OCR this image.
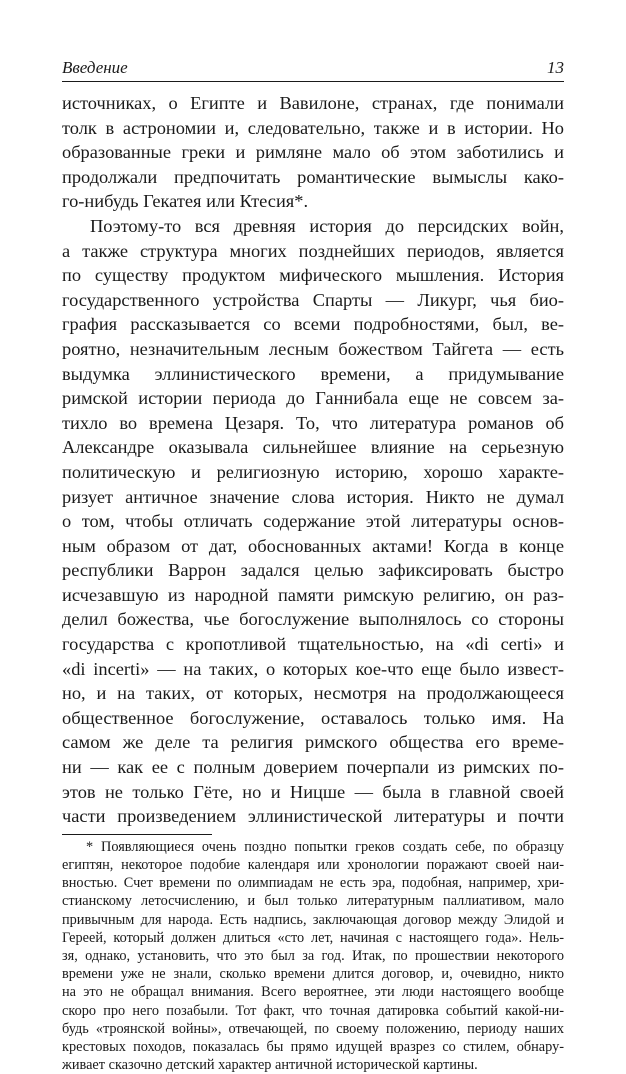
Введение	13
источниках, о Египте и Вавилоне, странах, где понимали
толк в астрономии и, следовательно, также и в истории. Но
образованные греки и римляне мало об этом заботились и
продолжали предпочитать романтические вымыслы како-
го-нибудь Гекатея или Ктесия*.
Поэтому-то вся древняя история до персидских войн,
а также структура многих позднейших периодов, является
по существу продуктом мифического мышления. История
государственного устройства Спарты — Ликург, чья био-
графия рассказывается со всеми подробностями, был, ве-
роятно, незначительным лесным божеством Тайгета — есть
выдумка эллинистического времени, а придумывание
римской истории периода до Ганнибала еще не совсем за-
тихло во времена Цезаря. То, что литература романов об
Александре оказывала сильнейшее влияние на серьезную
политическую и религиозную историю, хорошо характе-
ризует античное значение слова история. Никто не думал
о том, чтобы отличать содержание этой литературы основ-
ным образом от дат, обоснованных актами! Когда в конце
республики Варрон задался целью зафиксировать быстро
исчезавшую из народной памяти римскую религию, он раз-
делил божества, чье богослужение выполнялось со стороны
государства с кропотливой тщательностью, на «di certi» и
«di incerti» — на таких, о которых кое-что еще было извест-
но, и на таких, от которых, несмотря на продолжающееся
общественное богослужение, оставалось только имя. На
самом же деле та религия римского общества его време-
ни — как ее с полным доверием почерпали из римских по-
этов не только Гёте, но и Ницше — была в главной своей
части произведением эллинистической литературы и почти
* Появляющиеся очень поздно попытки греков создать себе, по образцу
египтян, некоторое подобие календаря или хронологии поражают своей наи-
вностью. Счет времени по олимпиадам не есть эра, подобная, например, хри-
стианскому летосчислению, и был только литературным паллиативом, мало
привычным для народа. Есть надпись, заключающая договор между Элидой и
Гереей, который должен длиться «сто лет, начиная с настоящего года». Нель-
зя, однако, установить, что это был за год. Итак, по прошествии некоторого
времени уже не знали, сколько времени длится договор, и, очевидно, никто
на это не обращал внимания. Всего вероятнее, эти люди настоящего вообще
скоро про него позабыли. Тот факт, что точная датировка событий какой-ни-
будь «троянской войны», отвечающей, по своему положению, периоду наших
крестовых походов, показалась бы прямо идущей вразрез со стилем, обнару-
живает сказочно детский характер античной исторической картины.
